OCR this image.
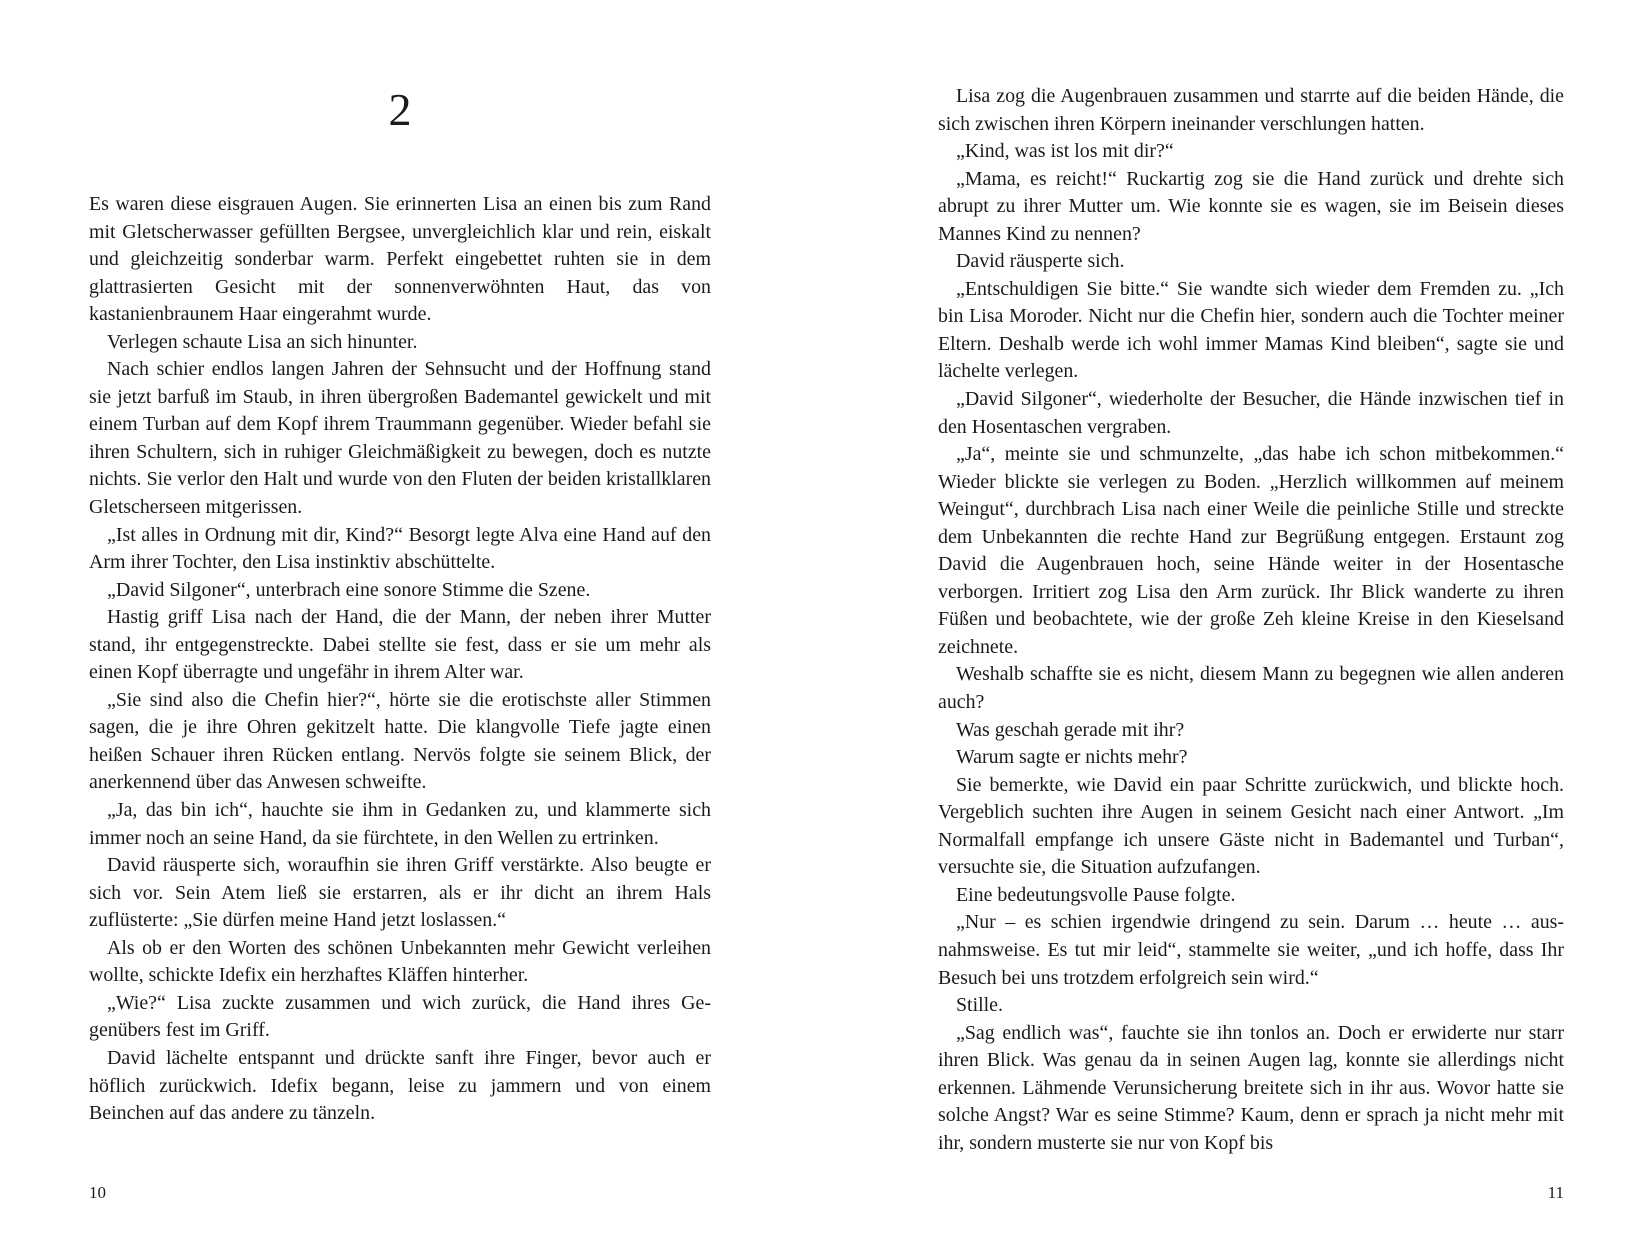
2

Es waren diese eisgrauen Augen. Sie erinnerten Lisa an einen bis zum Rand mit Gletscherwasser gefüllten Bergsee, unvergleichlich klar und rein, eiskalt und gleichzeitig sonderbar warm. Perfekt eingebettet ruhten sie in dem glattrasierten Gesicht mit der sonnenverwöhnten Haut, das von kastanienbraunem Haar eingerahmt wurde.

Verlegen schaute Lisa an sich hinunter.

Nach schier endlos langen Jahren der Sehnsucht und der Hoffnung stand sie jetzt barfuß im Staub, in ihren übergroßen Bademantel gewickelt und mit einem Turban auf dem Kopf ihrem Traummann gegenüber. Wieder befahl sie ihren Schultern, sich in ruhiger Gleichmäßigkeit zu bewegen, doch es nutzte nichts. Sie verlor den Halt und wurde von den Fluten der beiden kristallklaren Gletscherseen mitgerissen.

„Ist alles in Ordnung mit dir, Kind?“ Besorgt legte Alva eine Hand auf den Arm ihrer Tochter, den Lisa instinktiv abschüttelte.

„David Silgoner“, unterbrach eine sonore Stimme die Szene.

Hastig griff Lisa nach der Hand, die der Mann, der neben ihrer Mutter stand, ihr entgegenstreckte. Dabei stellte sie fest, dass er sie um mehr als einen Kopf überragte und ungefähr in ihrem Alter war.

„Sie sind also die Chefin hier?“, hörte sie die erotischste aller Stimmen sagen, die je ihre Ohren gekitzelt hatte. Die klangvolle Tiefe jagte einen heißen Schauer ihren Rücken entlang. Nervös folgte sie seinem Blick, der anerkennend über das Anwesen schweifte.

„Ja, das bin ich“, hauchte sie ihm in Gedanken zu, und klammerte sich immer noch an seine Hand, da sie fürchtete, in den Wellen zu ertrinken.

David räusperte sich, woraufhin sie ihren Griff verstärkte. Also beugte er sich vor. Sein Atem ließ sie erstarren, als er ihr dicht an ihrem Hals zuflüsterte: „Sie dürfen meine Hand jetzt loslassen.“

Als ob er den Worten des schönen Unbekannten mehr Gewicht verleihen wollte, schickte Idefix ein herzhaftes Kläffen hinterher.

„Wie?“ Lisa zuckte zusammen und wich zurück, die Hand ihres Gegenübers fest im Griff.

David lächelte entspannt und drückte sanft ihre Finger, bevor auch er höflich zurückwich. Idefix begann, leise zu jammern und von einem Beinchen auf das andere zu tänzeln.

10

Lisa zog die Augenbrauen zusammen und starrte auf die beiden Hände, die sich zwischen ihren Körpern ineinander verschlungen hatten.

„Kind, was ist los mit dir?“

„Mama, es reicht!“ Ruckartig zog sie die Hand zurück und drehte sich abrupt zu ihrer Mutter um. Wie konnte sie es wagen, sie im Beisein dieses Mannes Kind zu nennen?

David räusperte sich.

„Entschuldigen Sie bitte.“ Sie wandte sich wieder dem Fremden zu. „Ich bin Lisa Moroder. Nicht nur die Chefin hier, sondern auch die Tochter meiner Eltern. Deshalb werde ich wohl immer Mamas Kind bleiben“, sagte sie und lächelte verlegen.

„David Silgoner“, wiederholte der Besucher, die Hände inzwischen tief in den Hosentaschen vergraben.

„Ja“, meinte sie und schmunzelte, „das habe ich schon mitbekommen.“ Wieder blickte sie verlegen zu Boden. „Herzlich willkommen auf meinem Weingut“, durchbrach Lisa nach einer Weile die peinliche Stille und streckte dem Unbekannten die rechte Hand zur Begrüßung entgegen. Erstaunt zog David die Augenbrauen hoch, seine Hände weiter in der Hosentasche verborgen. Irritiert zog Lisa den Arm zurück. Ihr Blick wanderte zu ihren Füßen und beobachtete, wie der große Zeh kleine Kreise in den Kieselsand zeichnete.

Weshalb schaffte sie es nicht, diesem Mann zu begegnen wie allen anderen auch?

Was geschah gerade mit ihr?

Warum sagte er nichts mehr?

Sie bemerkte, wie David ein paar Schritte zurückwich, und blickte hoch. Vergeblich suchten ihre Augen in seinem Gesicht nach einer Antwort. „Im Normalfall empfange ich unsere Gäste nicht in Bademantel und Turban“, versuchte sie, die Situation aufzufangen.

Eine bedeutungsvolle Pause folgte.

„Nur – es schien irgendwie dringend zu sein. Darum … heute … ausnahmsweise. Es tut mir leid“, stammelte sie weiter, „und ich hoffe, dass Ihr Besuch bei uns trotzdem erfolgreich sein wird.“

Stille.

„Sag endlich was“, fauchte sie ihn tonlos an. Doch er erwiderte nur starr ihren Blick. Was genau da in seinen Augen lag, konnte sie allerdings nicht erkennen. Lähmende Verunsicherung breitete sich in ihr aus. Wovor hatte sie solche Angst? War es seine Stimme? Kaum, denn er sprach ja nicht mehr mit ihr, sondern musterte sie nur von Kopf bis

11
